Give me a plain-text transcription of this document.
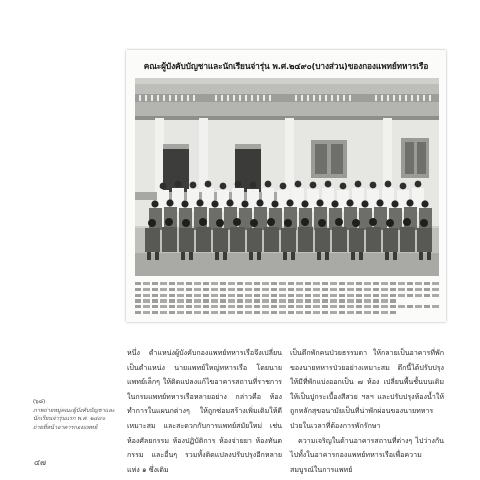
คณะผู้บังคับบัญชาและนักเรียนจ่ารุ่น พ.ศ.๒๔๙๐(บางส่วน)ของกองแพทย์ทหารเรือ
(๖๘)
ภาพถ่ายหมู่คณะผู้บังคับบัญชาและนักเรียนจ่ารุ่นแรก พ.ศ. ๒๔๙๐ ถ่ายที่หน้าอาคารกองแพทย์

หนึ่ง ตำแหน่งผู้บังคับกองแพทย์ทหารเรือจึงเปลี่ยนเป็นตำแหน่ง นายแพทย์ใหญ่ทหารเรือ โดยนายแพทย์เล็กๆ ให้ติดแปลงแก้ไขอาคารสถานที่ราชการในกรมแพทย์ทหารเรือหลายอย่าง กล่าวคือ ห้องทำการในแผนกต่างๆ ให้ถูกซ่อมสร้างเพิ่มเติมให้ดีเหมาะสม และสะดวกกับการแพทย์สมัยใหม่ เช่น ห้องศัลยกรรม ห้องปฏิบัติการ ห้องจ่ายยา ห้องทันตกรรม และอื่นๆ รวมทั้งติดแปลงปรับปรุงอีกหลายแห่ง ๑ ซึ่งเดิม

เป็นตึกพักคนป่วยธรรมดา ให้กลายเป็นอาคารที่พักของนายทหารป่วยอย่างเหมาะสม ตึกนี้ได้ปรับปรุงให้มีที่พักแบ่งออกเป็น ๗ ห้อง เปลี่ยนพื้นชั้นบนเดิมให้เป็นปูกระเบื้องสีสวย ฯลฯ และปรับปรุงห้องน้ำให้ถูกหลักสุขอนามัยเป็นที่น่าพักผ่อนของนายทหารป่วยในเวลาที่ต้องการพักรักษา

ความเจริญในด้านอาคารสถานที่ต่างๆ ไปว่างกันไปทั้งในอาคารกองแพทย์ทหารเรือเพื่อความสมบูรณ์ในการแพทย์

๔๗
